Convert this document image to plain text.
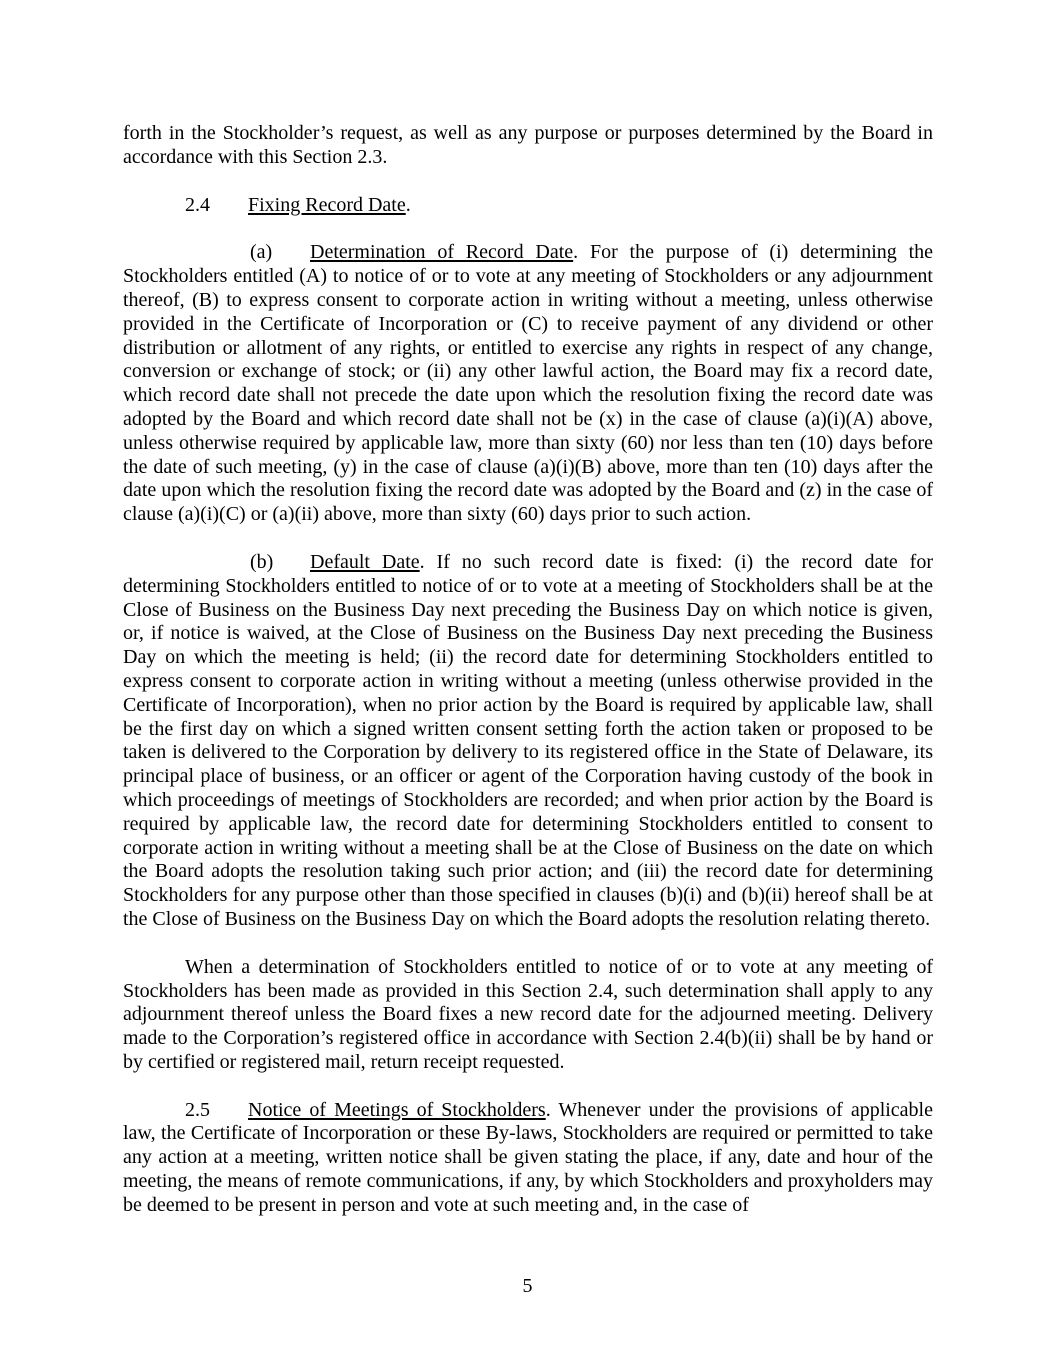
forth in the Stockholder’s request, as well as any purpose or purposes determined by the Board in accordance with this Section 2.3.

2.4 Fixing Record Date.

(a) Determination of Record Date. For the purpose of (i) determining the Stockholders entitled (A) to notice of or to vote at any meeting of Stockholders or any adjournment thereof, (B) to express consent to corporate action in writing without a meeting, unless otherwise provided in the Certificate of Incorporation or (C) to receive payment of any dividend or other distribution or allotment of any rights, or entitled to exercise any rights in respect of any change, conversion or exchange of stock; or (ii) any other lawful action, the Board may fix a record date, which record date shall not precede the date upon which the resolution fixing the record date was adopted by the Board and which record date shall not be (x) in the case of clause (a)(i)(A) above, unless otherwise required by applicable law, more than sixty (60) nor less than ten (10) days before the date of such meeting, (y) in the case of clause (a)(i)(B) above, more than ten (10) days after the date upon which the resolution fixing the record date was adopted by the Board and (z) in the case of clause (a)(i)(C) or (a)(ii) above, more than sixty (60) days prior to such action.

(b) Default Date. If no such record date is fixed: (i) the record date for determining Stockholders entitled to notice of or to vote at a meeting of Stockholders shall be at the Close of Business on the Business Day next preceding the Business Day on which notice is given, or, if notice is waived, at the Close of Business on the Business Day next preceding the Business Day on which the meeting is held; (ii) the record date for determining Stockholders entitled to express consent to corporate action in writing without a meeting (unless otherwise provided in the Certificate of Incorporation), when no prior action by the Board is required by applicable law, shall be the first day on which a signed written consent setting forth the action taken or proposed to be taken is delivered to the Corporation by delivery to its registered office in the State of Delaware, its principal place of business, or an officer or agent of the Corporation having custody of the book in which proceedings of meetings of Stockholders are recorded; and when prior action by the Board is required by applicable law, the record date for determining Stockholders entitled to consent to corporate action in writing without a meeting shall be at the Close of Business on the date on which the Board adopts the resolution taking such prior action; and (iii) the record date for determining Stockholders for any purpose other than those specified in clauses (b)(i) and (b)(ii) hereof shall be at the Close of Business on the Business Day on which the Board adopts the resolution relating thereto.

When a determination of Stockholders entitled to notice of or to vote at any meeting of Stockholders has been made as provided in this Section 2.4, such determination shall apply to any adjournment thereof unless the Board fixes a new record date for the adjourned meeting. Delivery made to the Corporation’s registered office in accordance with Section 2.4(b)(ii) shall be by hand or by certified or registered mail, return receipt requested.

2.5 Notice of Meetings of Stockholders. Whenever under the provisions of applicable law, the Certificate of Incorporation or these By-laws, Stockholders are required or permitted to take any action at a meeting, written notice shall be given stating the place, if any, date and hour of the meeting, the means of remote communications, if any, by which Stockholders and proxyholders may be deemed to be present in person and vote at such meeting and, in the case of

5
